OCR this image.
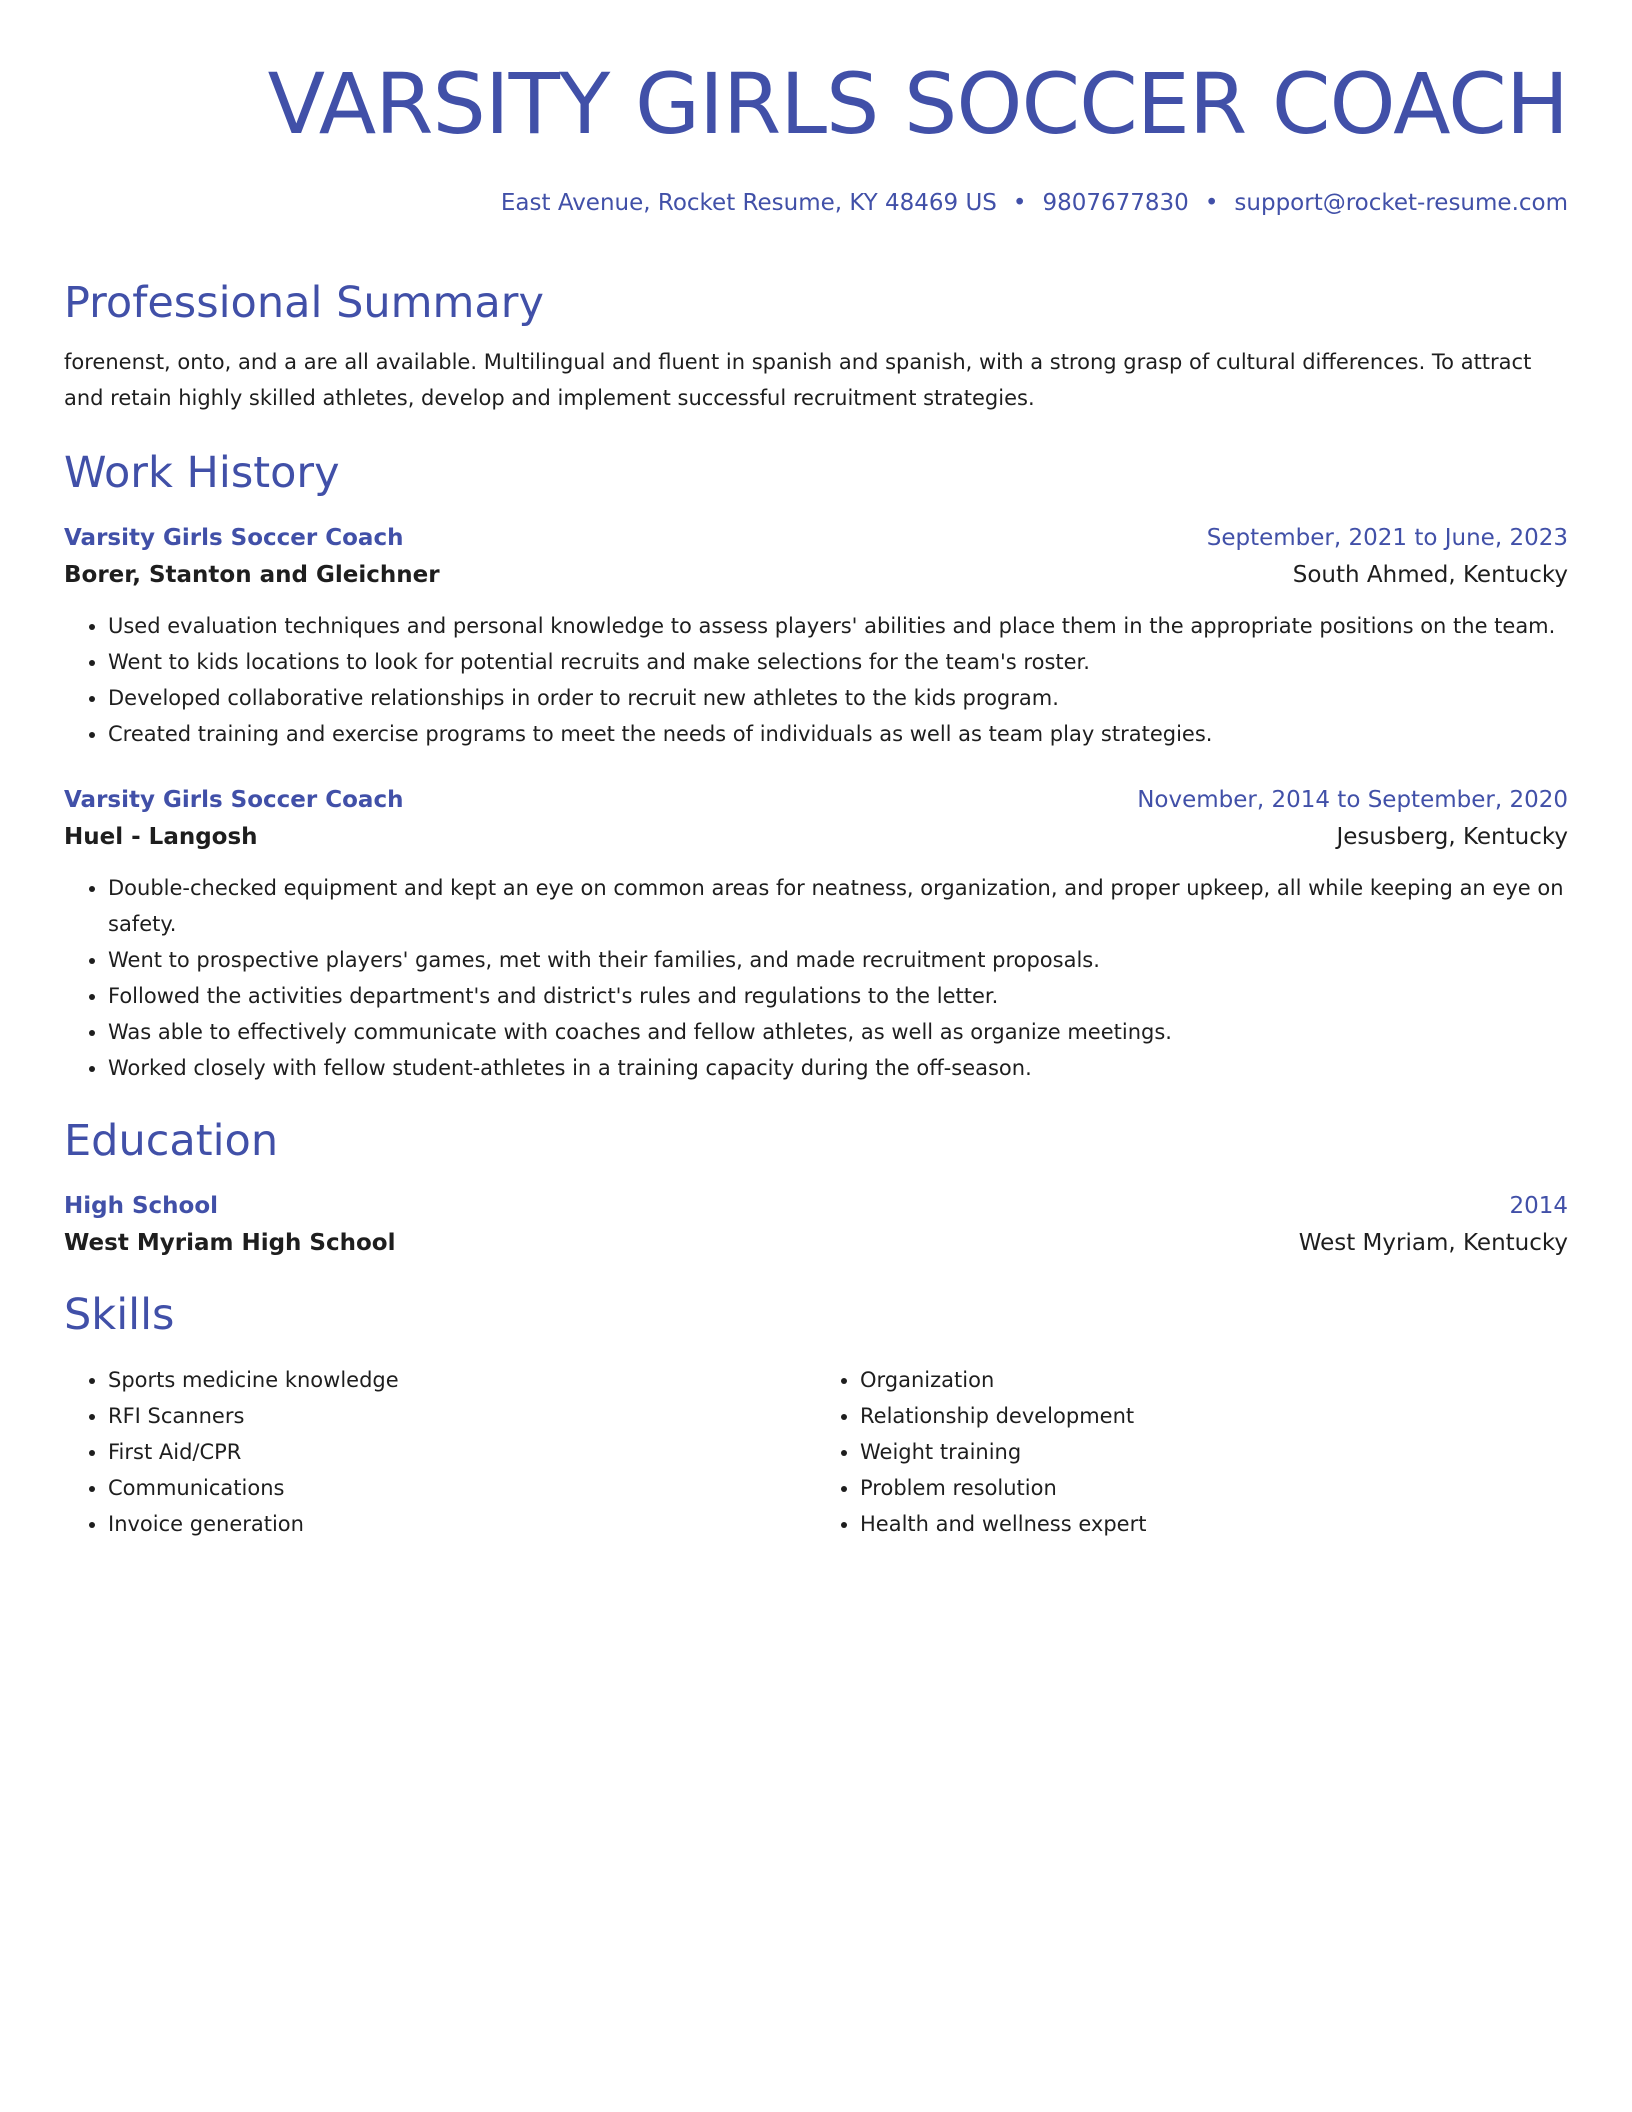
VARSITY GIRLS SOCCER COACH
East Avenue, Rocket Resume, KY 48469 US • 9807677830 • support@rocket-resume.com
Professional Summary
forenenst, onto, and a are all available. Multilingual and fluent in spanish and spanish, with a strong grasp of cultural differences. To attract and retain highly skilled athletes, develop and implement successful recruitment strategies.
Work History
Varsity Girls Soccer Coach	September, 2021 to June, 2023
Borer, Stanton and Gleichner	South Ahmed, Kentucky
• Used evaluation techniques and personal knowledge to assess players' abilities and place them in the appropriate positions on the team.
• Went to kids locations to look for potential recruits and make selections for the team's roster.
• Developed collaborative relationships in order to recruit new athletes to the kids program.
• Created training and exercise programs to meet the needs of individuals as well as team play strategies.
Varsity Girls Soccer Coach	November, 2014 to September, 2020
Huel - Langosh	Jesusberg, Kentucky
• Double-checked equipment and kept an eye on common areas for neatness, organization, and proper upkeep, all while keeping an eye on safety.
• Went to prospective players' games, met with their families, and made recruitment proposals.
• Followed the activities department's and district's rules and regulations to the letter.
• Was able to effectively communicate with coaches and fellow athletes, as well as organize meetings.
• Worked closely with fellow student-athletes in a training capacity during the off-season.
Education
High School	2014
West Myriam High School	West Myriam, Kentucky
Skills
• Sports medicine knowledge
• RFI Scanners
• First Aid/CPR
• Communications
• Invoice generation
• Organization
• Relationship development
• Weight training
• Problem resolution
• Health and wellness expert
